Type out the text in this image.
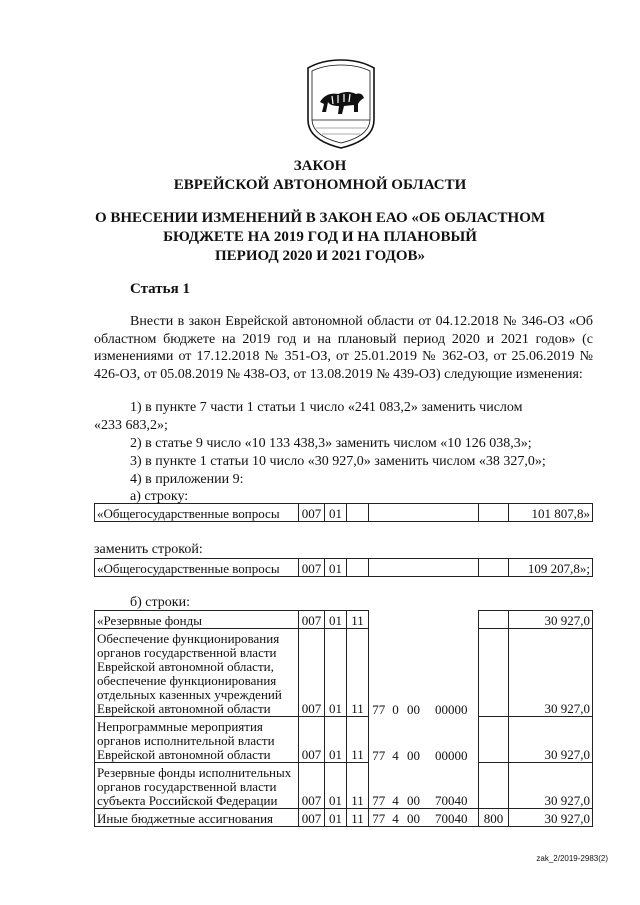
ЗАКОН
ЕВРЕЙСКОЙ АВТОНОМНОЙ ОБЛАСТИ
О ВНЕСЕНИИ ИЗМЕНЕНИЙ В ЗАКОН ЕАО «ОБ ОБЛАСТНОМ
БЮДЖЕТЕ НА 2019 ГОД И НА ПЛАНОВЫЙ
ПЕРИОД 2020 И 2021 ГОДОВ»
Статья 1
Внести в закон Еврейской автономной области от 04.12.2018 № 346-ОЗ «Об областном бюджете на 2019 год и на плановый период 2020 и 2021 годов» (с изменениями от 17.12.2018 № 351-ОЗ, от 25.01.2019 № 362-ОЗ, от 25.06.2019 № 426-ОЗ, от 05.08.2019 № 438-ОЗ, от 13.08.2019 № 439-ОЗ) следующие изменения:
1) в пункте 7 части 1 статьи 1 число «241 083,2» заменить числом
«233 683,2»;
2) в статье 9 число «10 133 438,3» заменить числом «10 126 038,3»;
3) в пункте 1 статьи 10 число «30 927,0» заменить числом «38 327,0»;
4) в приложении 9:
а) строку:
«Общегосударственные вопросы	007	01				101 807,8»
заменить строкой:
«Общегосударственные вопросы	007	01				109 207,8»;
б) строки:
«Резервные фонды	007	01	11						30 927,0
Обеспечение функционирования органов государственной власти Еврейской автономной области, обеспечение функционирования отдельных казенных учреждений Еврейской автономной области	007	01	11	77	0	00	00000		30 927,0
Непрограммные мероприятия органов исполнительной власти Еврейской автономной области	007	01	11	77	4	00	00000		30 927,0
Резервные фонды исполнительных органов государственной власти субъекта Российской Федерации	007	01	11	77	4	00	70040		30 927,0
Иные бюджетные ассигнования	007	01	11	77	4	00	70040	800	30 927,0
zak_2/2019-2983(2)
